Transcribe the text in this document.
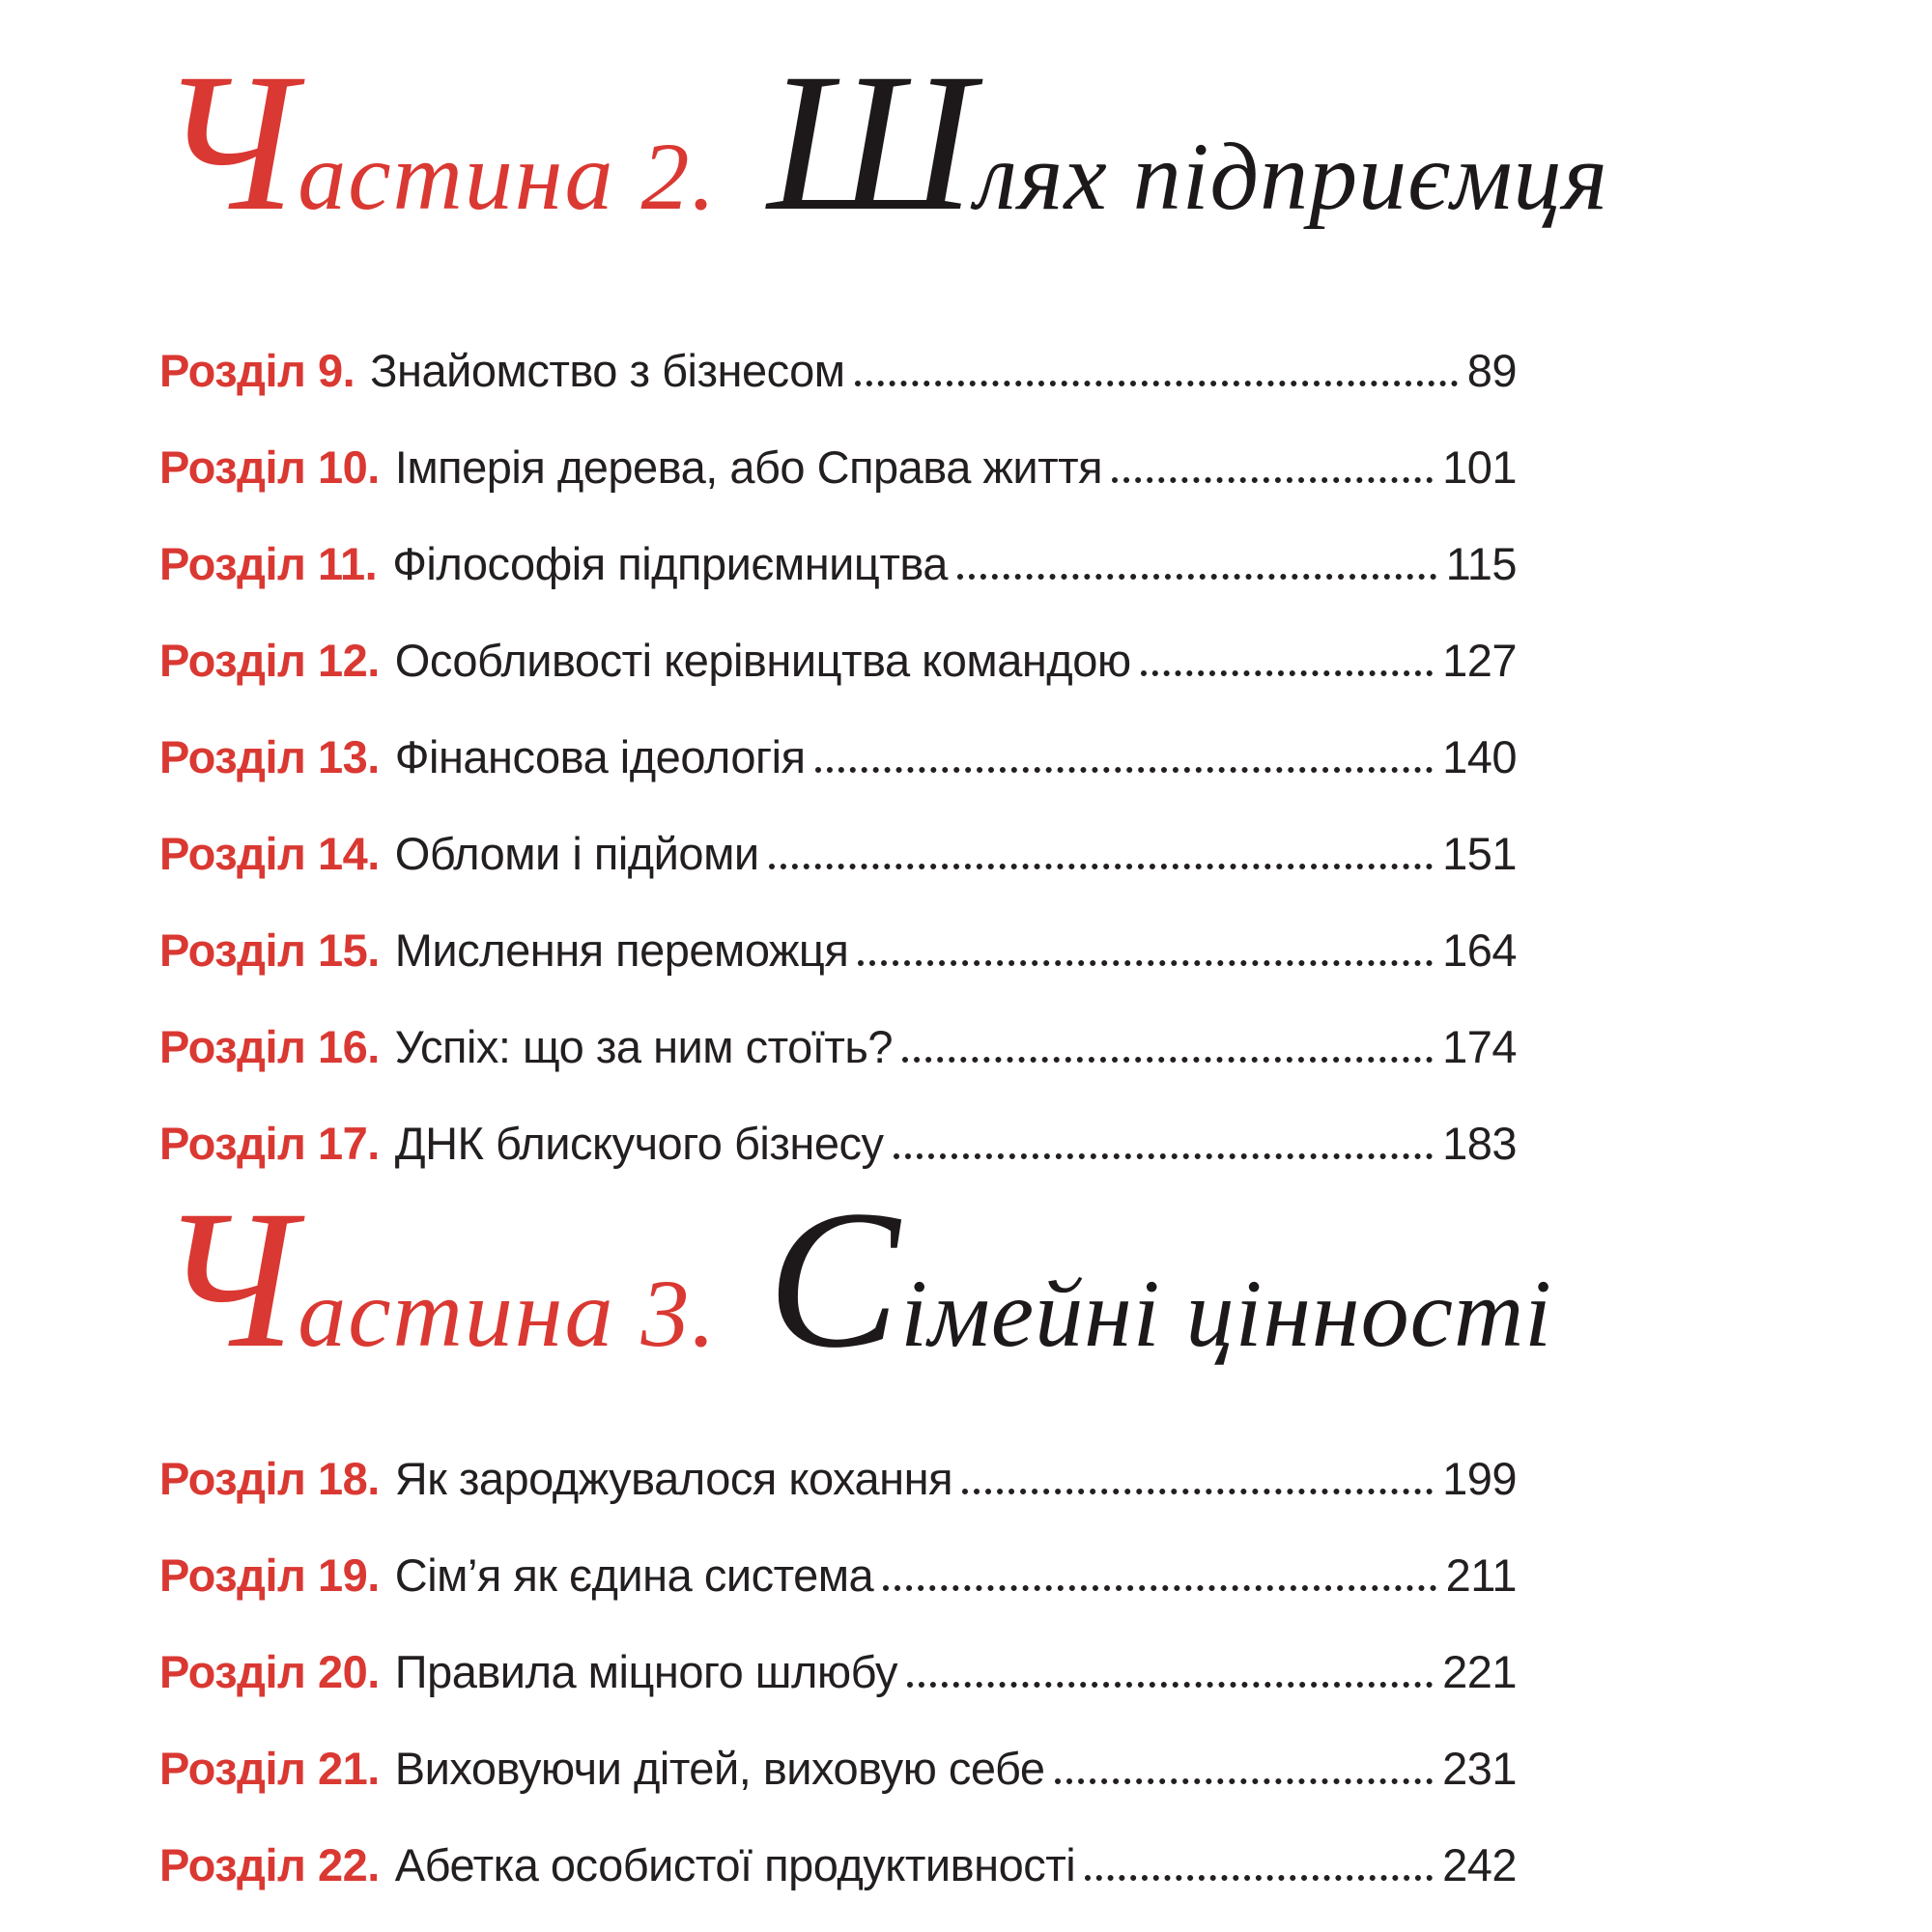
Частина 2. Шлях підприємця
Розділ 9. Знайомство з бізнесом	89
Розділ 10. Імперія дерева, або Справа життя	101
Розділ 11. Філософія підприємництва	115
Розділ 12. Особливості керівництва командою	127
Розділ 13. Фінансова ідеологія	140
Розділ 14. Обломи і підйоми	151
Розділ 15. Мислення переможця	164
Розділ 16. Успіх: що за ним стоїть?	174
Розділ 17. ДНК блискучого бізнесу	183
Частина 3. Сімейні цінності
Розділ 18. Як зароджувалося кохання	199
Розділ 19. Сім’я як єдина система	211
Розділ 20. Правила міцного шлюбу	221
Розділ 21. Виховуючи дітей, виховую себе	231
Розділ 22. Абетка особистої продуктивності	242
